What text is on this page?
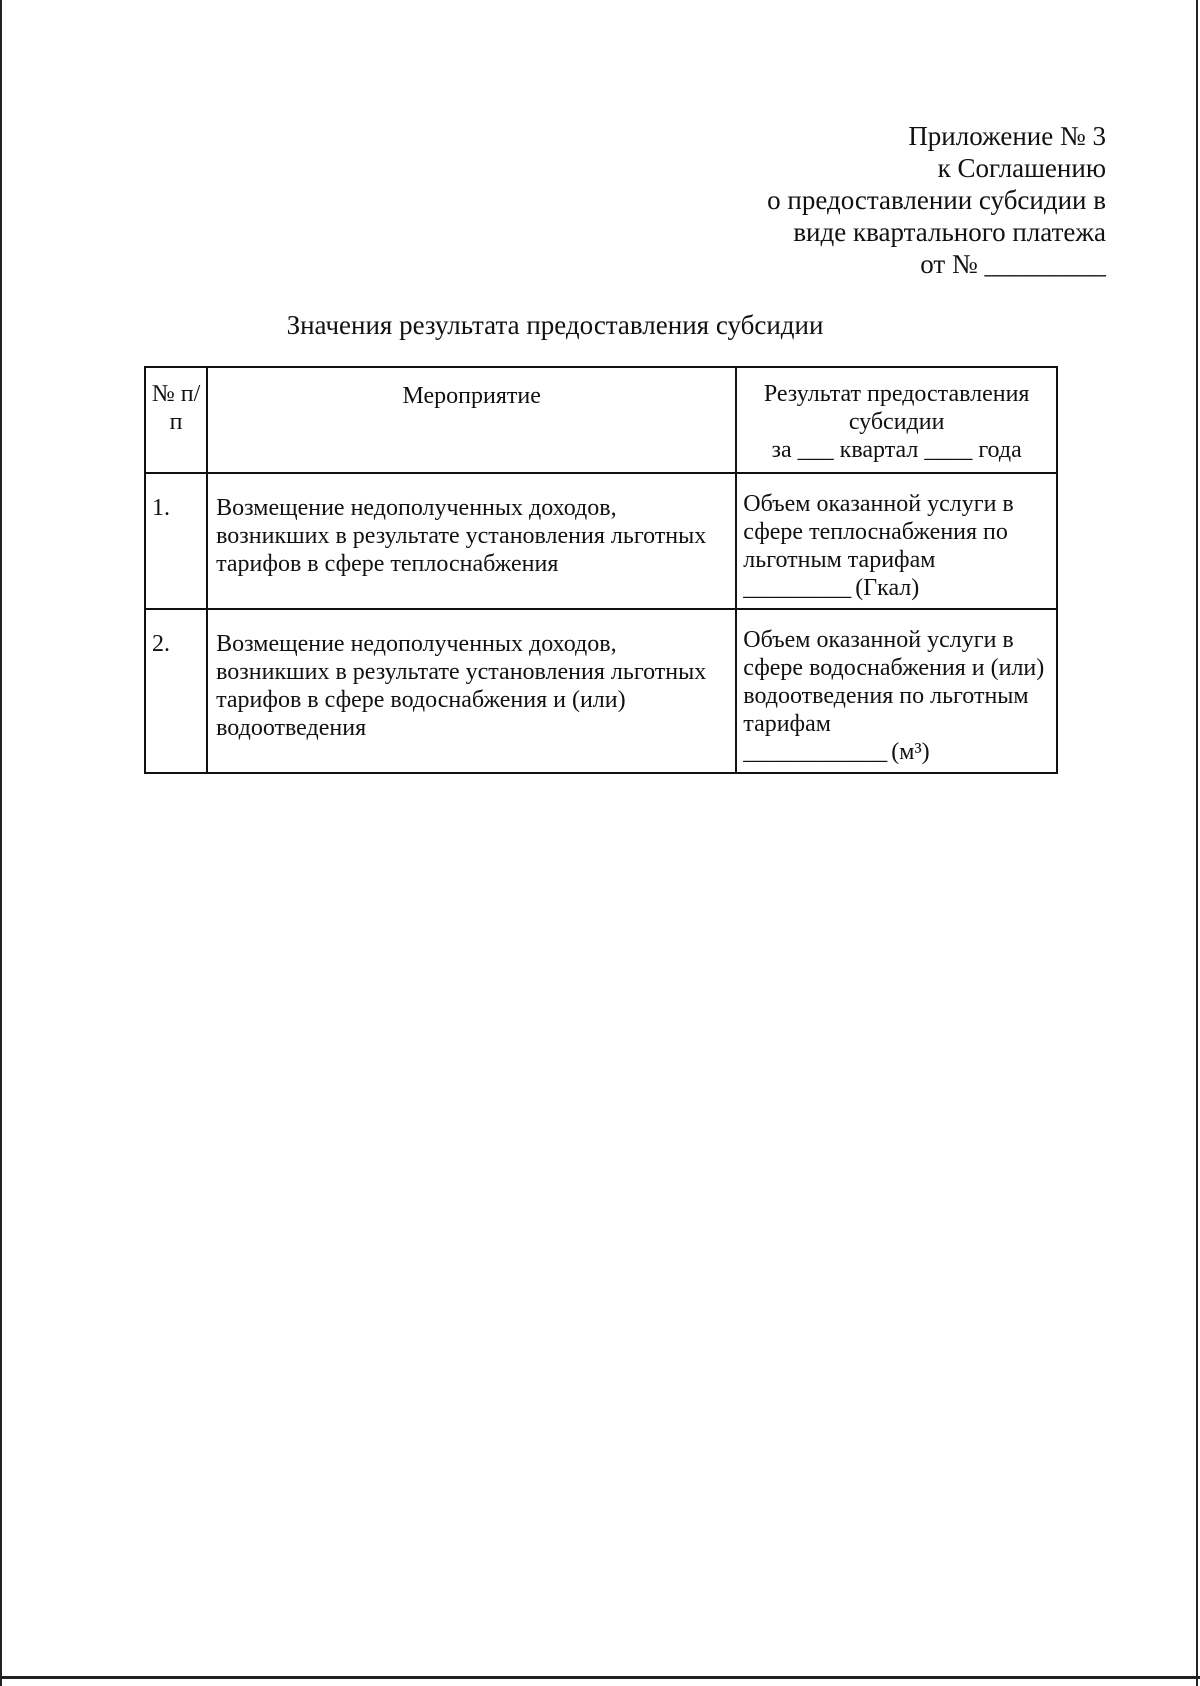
Приложение № 3
к Соглашению
о предоставлении субсидии в
виде квартального платежа
от № _________
Значения результата предоставления субсидии
№ п/п	Мероприятие	Результат предоставления
субсидии
за ___ квартал ____ года

1.	Возмещение недополученных доходов, возникших в результате установления льготных тарифов в сфере теплоснабжения	Объем оказанной услуги в сфере теплоснабжения по льготным тарифам
_________ (Гкал)

2.	Возмещение недополученных доходов, возникших в результате установления льготных тарифов в сфере водоснабжения и (или) водоотведения	Объем оказанной услуги в сфере водоснабжения и (или) водоотведения по льготным тарифам
____________ (м³)
